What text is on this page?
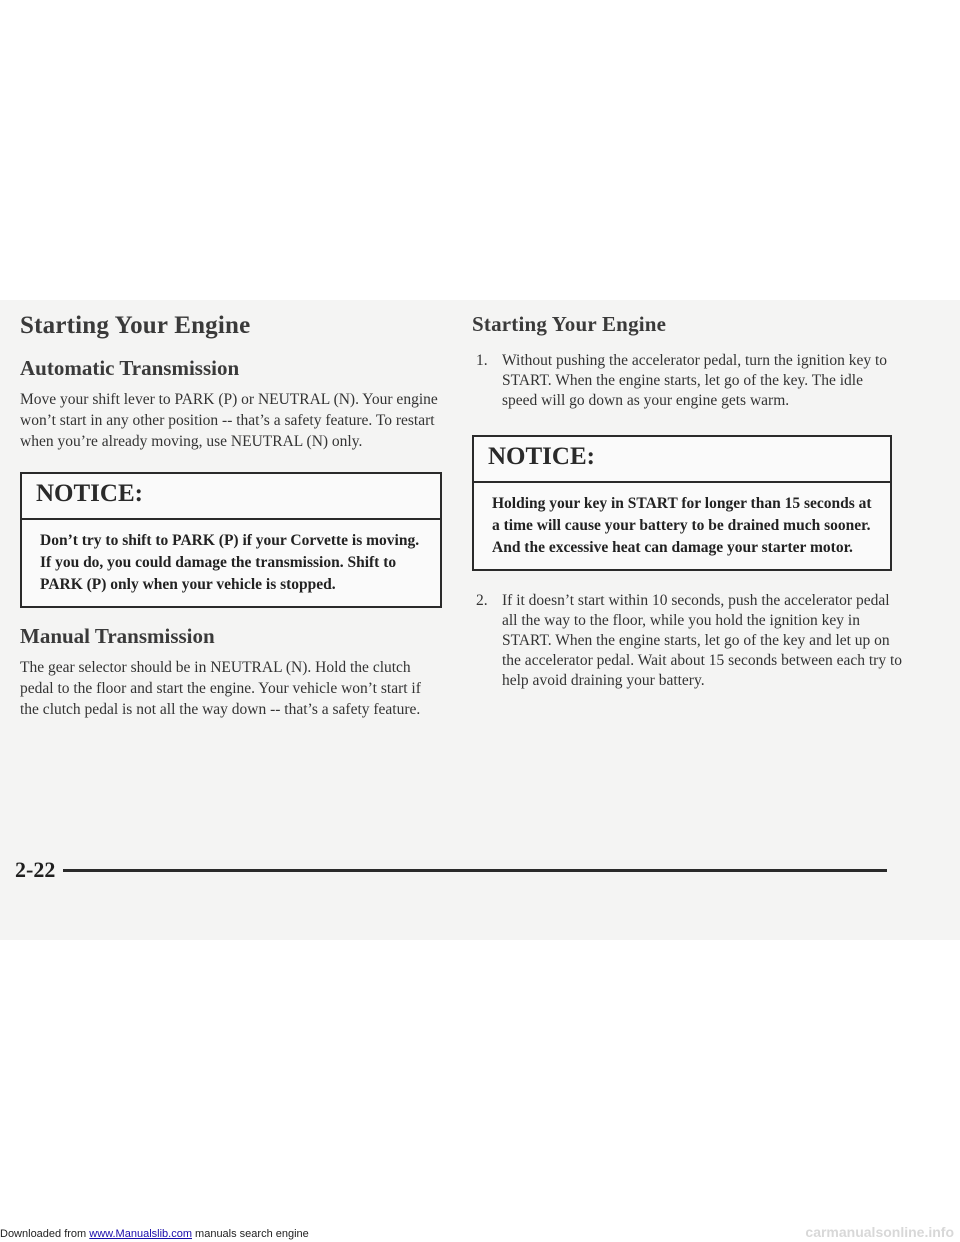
Starting Your Engine
Automatic Transmission

Move your shift lever to PARK (P) or NEUTRAL (N). Your engine won’t start in any other position -- that’s a safety feature. To restart when you’re already moving, use NEUTRAL (N) only.

NOTICE:
Don’t try to shift to PARK (P) if your Corvette is moving. If you do, you could damage the transmission. Shift to PARK (P) only when your vehicle is stopped.
Manual Transmission

The gear selector should be in NEUTRAL (N). Hold the clutch pedal to the floor and start the engine. Your vehicle won’t start if the clutch pedal is not all the way down -- that’s a safety feature.

Starting Your Engine
1. Without pushing the accelerator pedal, turn the ignition key to START. When the engine starts, let go of the key. The idle speed will go down as your engine gets warm.
NOTICE:
Holding your key in START for longer than 15 seconds at a time will cause your battery to be drained much sooner. And the excessive heat can damage your starter motor.
2. If it doesn’t start within 10 seconds, push the accelerator pedal all the way to the floor, while you hold the ignition key in START. When the engine starts, let go of the key and let up on the accelerator pedal. Wait about 15 seconds between each try to help avoid draining your battery.
2-22
Downloaded from www.Manualslib.com manuals search engine	carmanualsonline.info
